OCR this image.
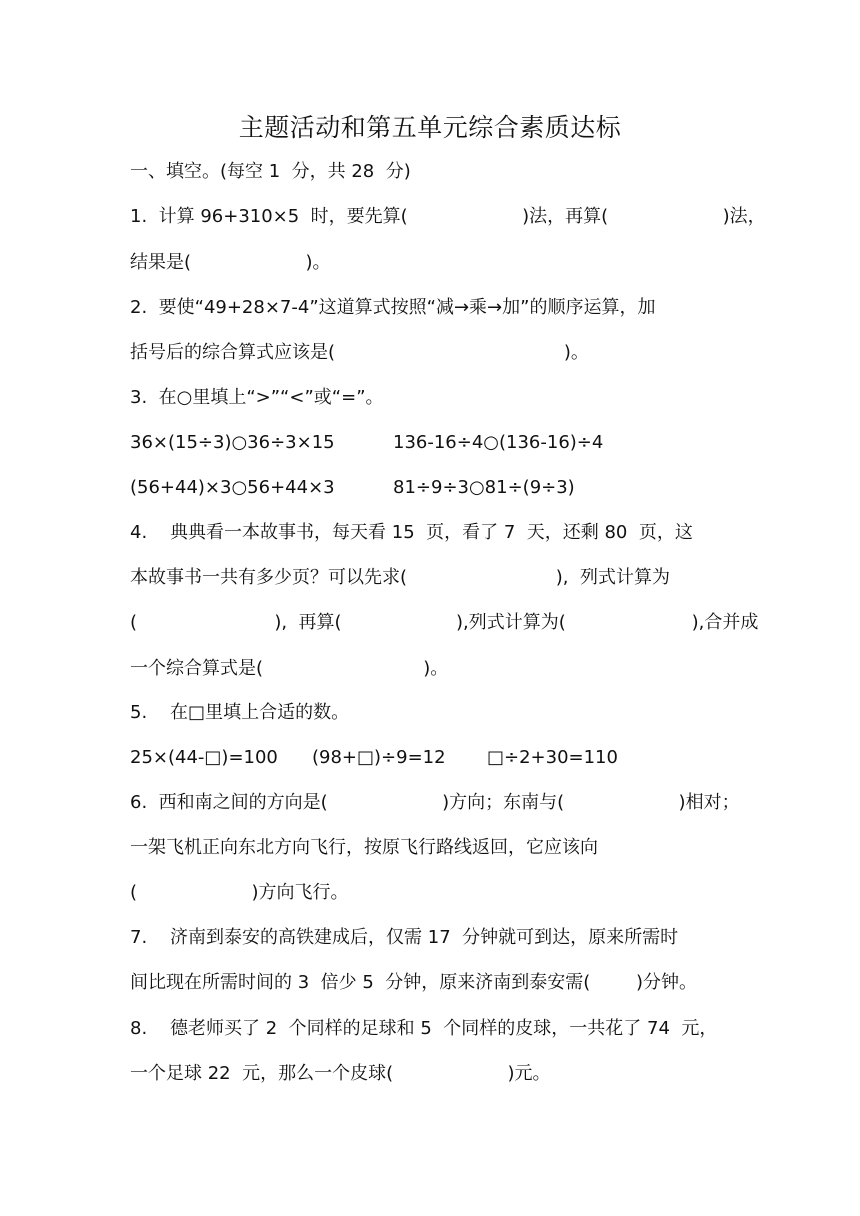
主题活动和第五单元综合素质达标
一、填空。(每空 1  分，共 28  分)
1.  计算 96+310×5  时，要先算(                    )法，再算(                    )法，
结果是(                    )。
2.  要使“49+28×7-4”这道算式按照“减→乘→加”的顺序运算，加
括号后的综合算式应该是(                                        )。
3.  在○里填上“>”“<”或“=”。
36×(15÷3)○36÷3×15	136-16÷4○(136-16)÷4
(56+44)×3○56+44×3	81÷9÷3○81÷(9÷3)
4.    典典看一本故事书，每天看 15  页，看了 7  天，还剩 80  页，这
本故事书一共有多少页？可以先求(                          ),  列式计算为
(                        ),  再算(                    ),列式计算为(                      ),合并成
一个综合算式是(                            )。
5.    在□里填上合适的数。
25×(44-□)=100 (98+□)÷9=12 □÷2+30=110
6.  西和南之间的方向是(                    )方向；东南与(                    )相对；
一架飞机正向东北方向飞行，按原飞行路线返回，它应该向
(                    )方向飞行。
7.    济南到泰安的高铁建成后，仅需 17  分钟就可到达，原来所需时
间比现在所需时间的 3  倍少 5  分钟，原来济南到泰安需(        )分钟。
8.    德老师买了 2  个同样的足球和 5  个同样的皮球，一共花了 74  元，
一个足球 22  元，那么一个皮球(                    )元。
